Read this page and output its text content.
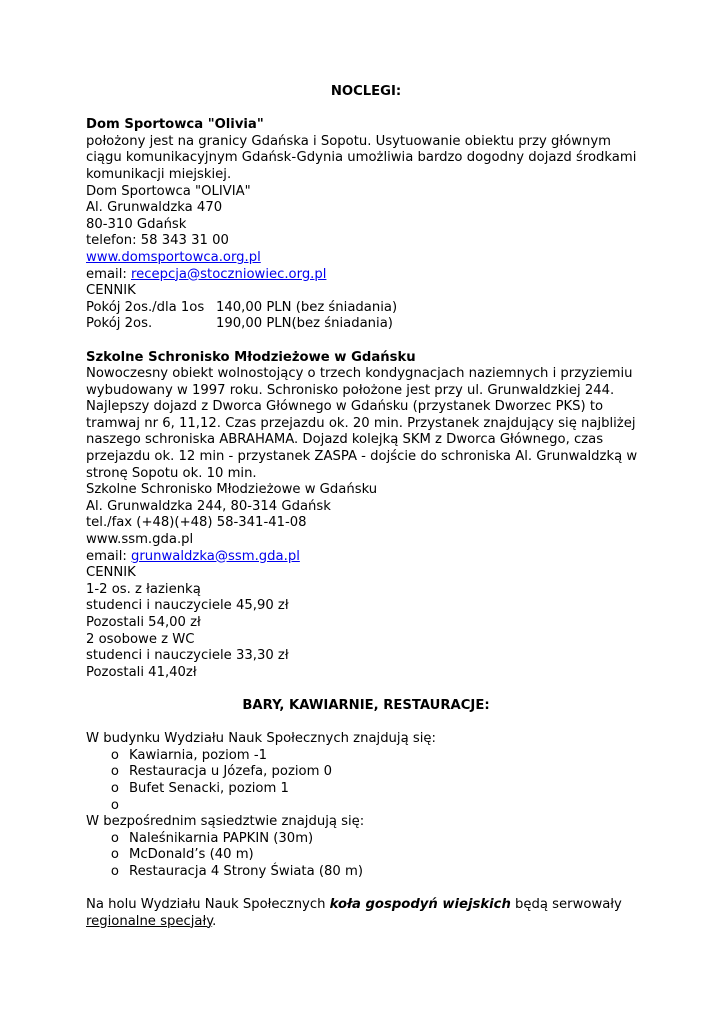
NOCLEGI:
Dom Sportowca "Olivia"
położony jest na granicy Gdańska i Sopotu. Usytuowanie obiektu przy głównym ciągu komunikacyjnym Gdańsk-Gdynia umożliwia bardzo dogodny dojazd środkami komunikacji miejskiej.
Dom Sportowca "OLIVIA"
Al. Grunwaldzka 470
80-310 Gdańsk
telefon: 58 343 31 00
www.domsportowca.org.pl
email: recepcja@stoczniowiec.org.pl
CENNIK
Pokój 2os./dla 1os 140,00 PLN (bez śniadania)
Pokój 2os.	190,00 PLN(bez śniadania)
Szkolne Schronisko Młodzieżowe w Gdańsku
Nowoczesny obiekt wolnostojący o trzech kondygnacjach naziemnych i przyziemiu wybudowany w 1997 roku. Schronisko położone jest przy ul. Grunwaldzkiej 244. Najlepszy dojazd z Dworca Głównego w Gdańsku (przystanek Dworzec PKS) to tramwaj nr 6, 11,12. Czas przejazdu ok. 20 min. Przystanek znajdujący się najbliżej naszego schroniska ABRAHAMA. Dojazd kolejką SKM z Dworca Głównego, czas przejazdu ok. 12 min - przystanek ZASPA - dojście do schroniska Al. Grunwaldzką w stronę Sopotu ok. 10 min.
Szkolne Schronisko Młodzieżowe w Gdańsku
Al. Grunwaldzka 244, 80-314 Gdańsk
tel./fax (+48)(+48) 58-341-41-08
www.ssm.gda.pl
email: grunwaldzka@ssm.gda.pl
CENNIK
1-2 os. z łazienką
studenci i nauczyciele 45,90 zł
Pozostali 54,00 zł
2 osobowe z WC
studenci i nauczyciele 33,30 zł
Pozostali 41,40zł
BARY, KAWIARNIE, RESTAURACJE:
W budynku Wydziału Nauk Społecznych znajdują się:
o Kawiarnia, poziom -1
o Restauracja u Józefa, poziom 0
o Bufet Senacki, poziom 1
o

W bezpośrednim sąsiedztwie znajdują się:
o Naleśnikarnia PAPKIN (30m)
o McDonald’s (40 m)
o Restauracja 4 Strony Świata (80 m)
Na holu Wydziału Nauk Społecznych koła gospodyń wiejskich będą serwowały regionalne specjały.
